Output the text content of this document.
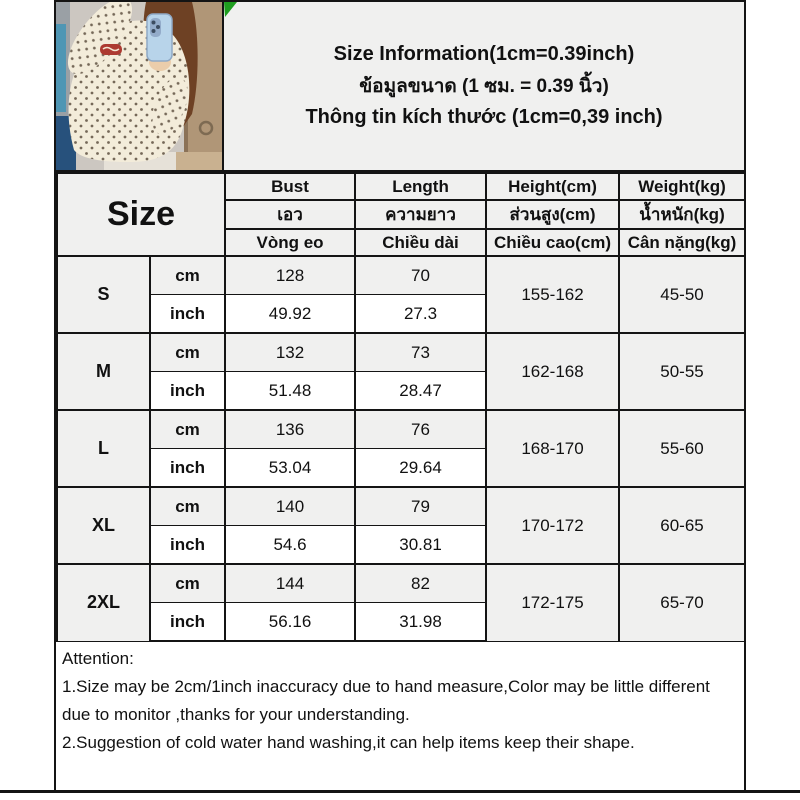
Size Information(1cm=0.39inch)
ข้อมูลขนาด (1 ซม. = 0.39 นิ้ว)
Thông tin kích thước (1cm=0,39 inch)
Size		Bust	Length	Height(cm)	Weight(kg)
		เอว	ความยาว	ส่วนสูง(cm)	น้ำหนัก(kg)
		Vòng eo	Chiều dài	Chiều cao(cm)	Cân nặng(kg)
S	cm	128	70	155-162	45-50
	inch	49.92	27.3		
M	cm	132	73	162-168	50-55
	inch	51.48	28.47		
L	cm	136	76	168-170	55-60
	inch	53.04	29.64		
XL	cm	140	79	170-172	60-65
	inch	54.6	30.81		
2XL	cm	144	82	172-175	65-70
	inch	56.16	31.98		
Attention:
1.Size may be 2cm/1inch inaccuracy due to hand measure,Color may be little different due to monitor ,thanks for your understanding.
2.Suggestion of cold water hand washing,it can help items keep their shape.
